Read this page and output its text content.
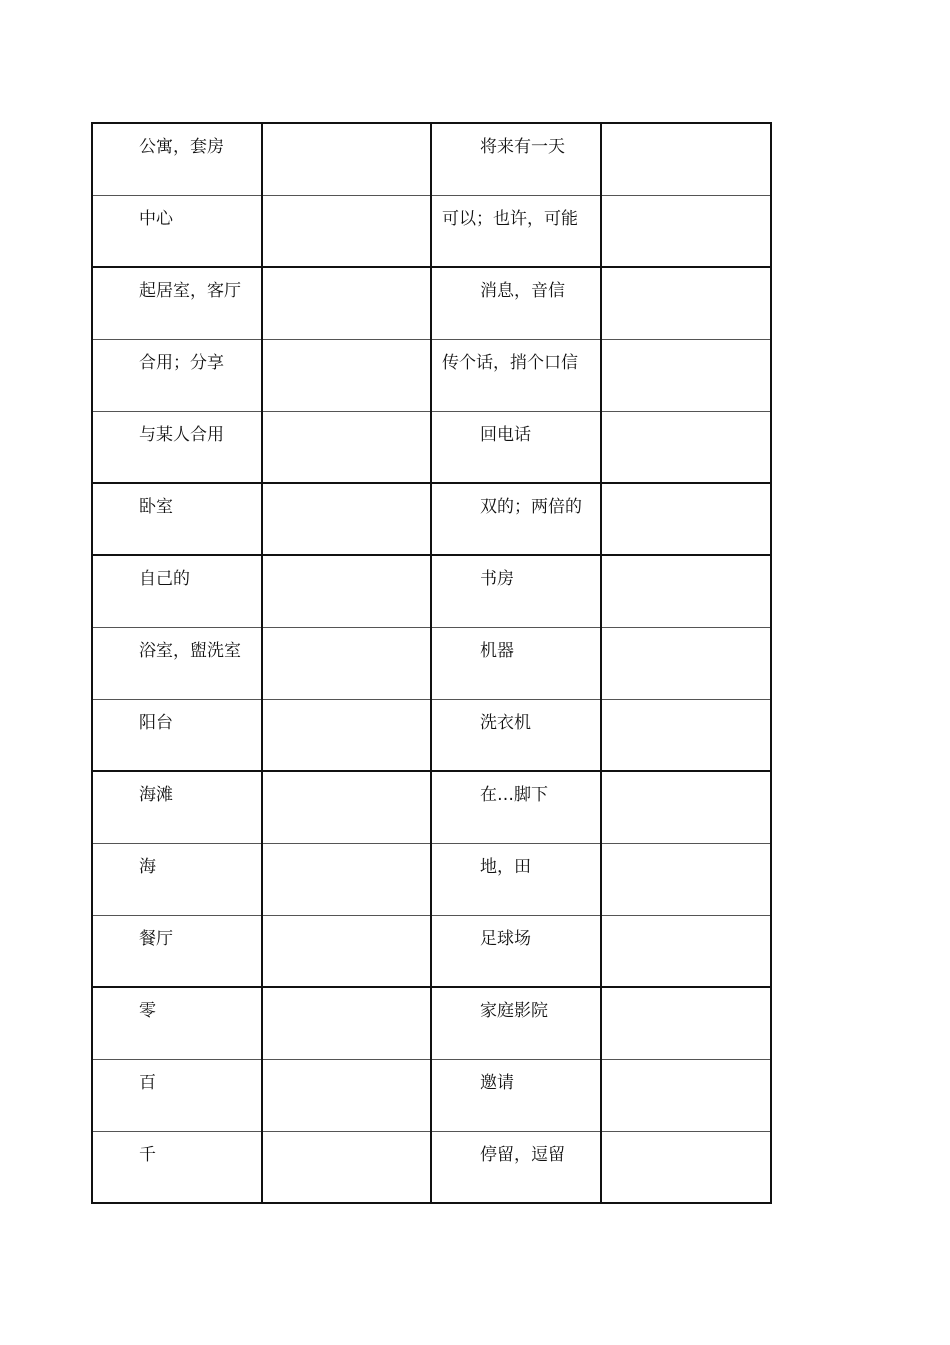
公寓，套房		将来有一天	

中心		可以；也许，可能	

起居室，客厅		消息，音信	

合用；分享		传个话，捎个口信	

与某人合用		回电话	

卧室		双的；两倍的	

自己的		书房	

浴室，盥洗室		机器	

阳台		洗衣机	

海滩		在…脚下	

海		地，田	

餐厅		足球场	

零		家庭影院	

百		邀请	

千		停留，逗留	
